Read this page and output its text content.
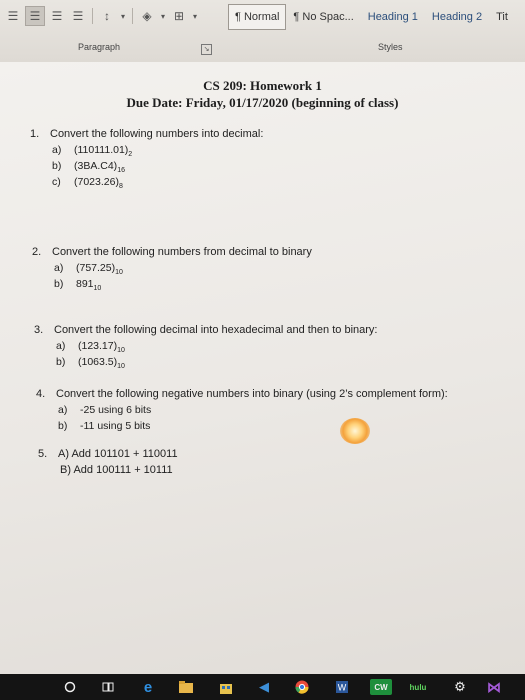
☰ ☰ ☰ ☰	↕	▾	◈	▾ ⊞	▾	¶ Normal	¶ No Spac...	Heading 1	Heading 2	Tit
Paragraph	↘	Styles
CS 209: Homework 1
Due Date: Friday, 01/17/2020 (beginning of class)
1. Convert the following numbers into decimal:
a) $(110111.01)_2$
b) $(3BA.C4)_{16}$
c) $(7023.26)_8$
2. Convert the following numbers from decimal to binary
a) $(757.25)_{10}$
b) $891_{10}$
3. Convert the following decimal into hexadecimal and then to binary:
a) $(123.17)_{10}$
b) $(1063.5)_{10}$
4. Convert the following negative numbers into binary (using 2’s complement form):
a) -25 using 6 bits
b) -11 using 5 bits
5. A) Add 101101 + 110011
B) Add 100111 + 10111
e	◀	W	CW	hulu ⚙ ⋈
